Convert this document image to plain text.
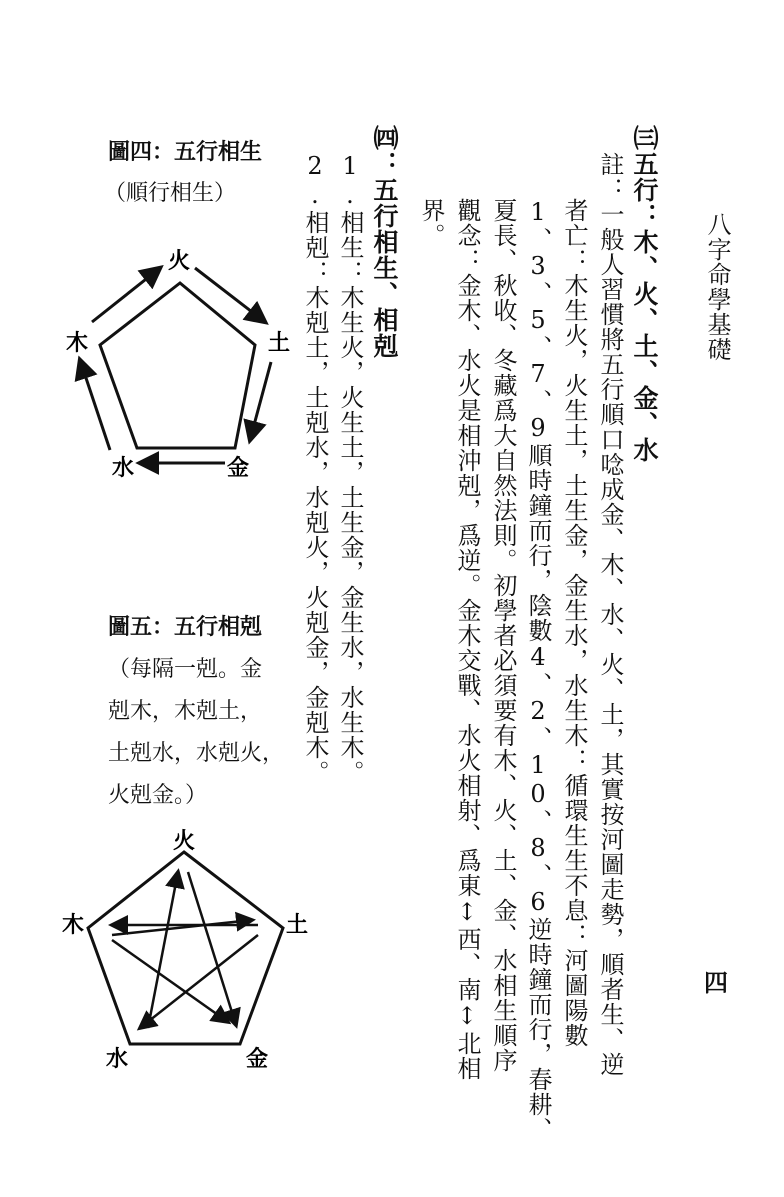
八字命學基礎
四
㈢五行：木、火、土、金、水
註：一般人習慣將五行順口唸成金、木、水、火、土，其實按河圖走勢，順者生、逆
者亡：木生火，火生土，土生金，金生水，水生木：循環生生不息：河圖陽數
1、3、5、7、9順時鐘而行，陰數4、2、10、8、6逆時鐘而行，春耕、
夏長、秋收、冬藏爲大自然法則。初學者必須要有木、火、土、金、水相生順序
觀念：金木、水火是相沖剋，爲逆。金木交戰、水火相射、爲東↕西、南↕北相
界。
㈣：五行相生、相剋
1.相生：木生火，火生土，土生金，金生水，水生木。
2.相剋：木剋土，土剋水，水剋火，火剋金，金剋木。
圖四：五行相生
（順行相生）
火
土
金
水
木
圖五：五行相剋
（每隔一剋。金
剋木，木剋土，
土剋水，水剋火，
火剋金。）
火
土
金
水
木
